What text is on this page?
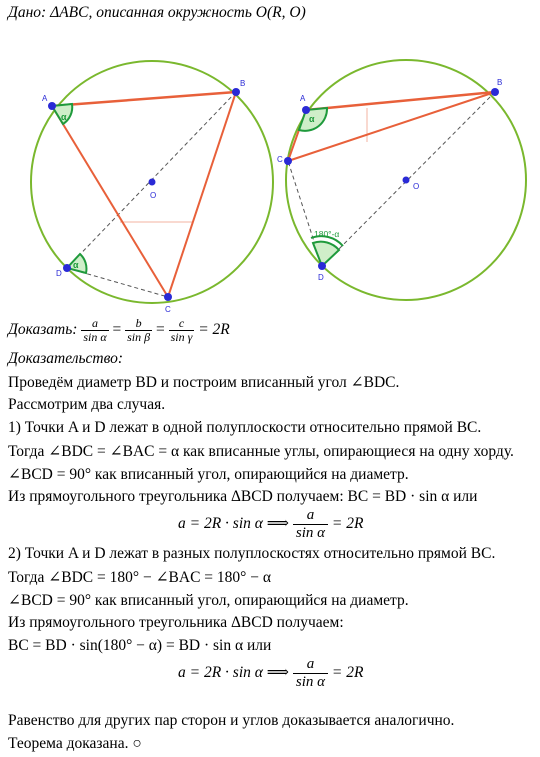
Дано: ΔABC, описанная окружность O(R, O)
α
α
A
B
C
D
O
α
180°-α
A
B
C
D
O
Доказать: $\frac{a}{\text{sin α}} = \frac{b}{\text{sin β}} = \frac{c}{\text{sin γ}} = 2R$
Доказательство:
Проведём диаметр BD и построим вписанный угол ∠BDC.
Рассмотрим два случая.
1) Точки A и D лежат в одной полуплоскости относительно прямой BC.
Тогда ∠BDC = ∠BAC = α как вписанные углы, опирающиеся на одну хорду.
∠BCD = 90° как вписанный угол, опирающийся на диаметр.
Из прямоугольного треугольника ΔBCD получаем: BC = BD · sin α или
a = 2R · sin α ⟹ $\frac{a}{\text{sin α}} = 2R$
2) Точки A и D лежат в разных полуплоскостях относительно прямой BC.
Тогда ∠BDC = 180° − ∠BAC = 180° − α
∠BCD = 90° как вписанный угол, опирающийся на диаметр.
Из прямоугольного треугольника ΔBCD получаем:
BC = BD · sin(180° − α) = BD · sin α или
a = 2R · sin α ⟹ $\frac{a}{\text{sin α}} = 2R$
Равенство для других пар сторон и углов доказывается аналогично.
Теорема доказана. ○
